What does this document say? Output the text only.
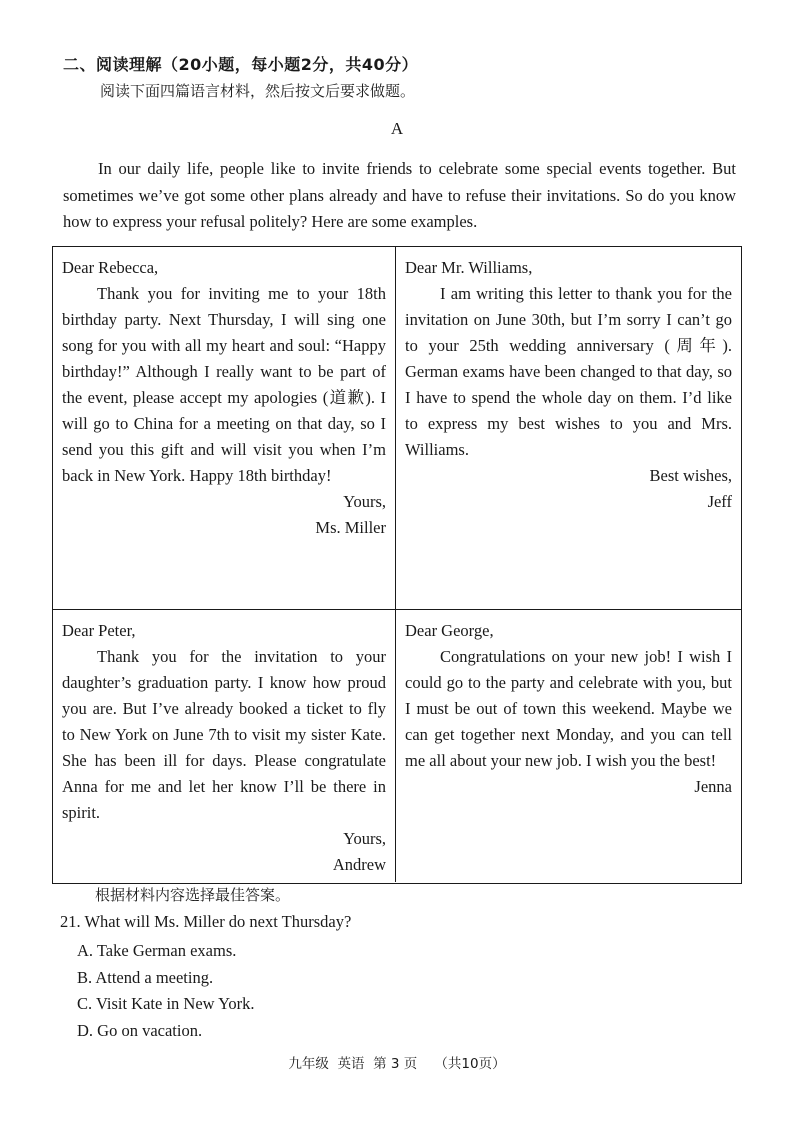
二、阅读理解（20小题，每小题2分，共40分）
阅读下面四篇语言材料，然后按文后要求做题。
A

In our daily life, people like to invite friends to celebrate some special events together. But sometimes we’ve got some other plans already and have to refuse their invitations. So do you know how to express your refusal politely? Here are some examples.

Dear Rebecca,

Thank you for inviting me to your 18th birthday party. Next Thursday, I will sing one song for you with all my heart and soul: “Happy birthday!” Although I really want to be part of the event, please accept my apologies (道歉). I will go to China for a meeting on that day, so I send you this gift and will visit you when I’m back in New York. Happy 18th birthday!

Yours,

Ms. Miller

Dear Mr. Williams,

I am writing this letter to thank you for the invitation on June 30th, but I’m sorry I can’t go to your 25th wedding anniversary (周年). German exams have been changed to that day, so I have to spend the whole day on them. I’d like to express my best wishes to you and Mrs. Williams.

Best wishes,

Jeff

Dear Peter,

Thank you for the invitation to your daughter’s graduation party. I know how proud you are. But I’ve already booked a ticket to fly to New York on June 7th to visit my sister Kate. She has been ill for days. Please congratulate Anna for me and let her know I’ll be there in spirit.

Yours,

Andrew

Dear George,

Congratulations on your new job! I wish I could go to the party and celebrate with you, but I must be out of town this weekend. Maybe we can get together next Monday, and you can tell me all about your new job. I wish you the best!

Jenna

根据材料内容选择最佳答案。
21. What will Ms. Miller do next Thursday?
A. Take German exams.
B. Attend a meeting.
C. Visit Kate in New York.
D. Go on vacation.
九年级  英语  第 3 页    （共10页）
